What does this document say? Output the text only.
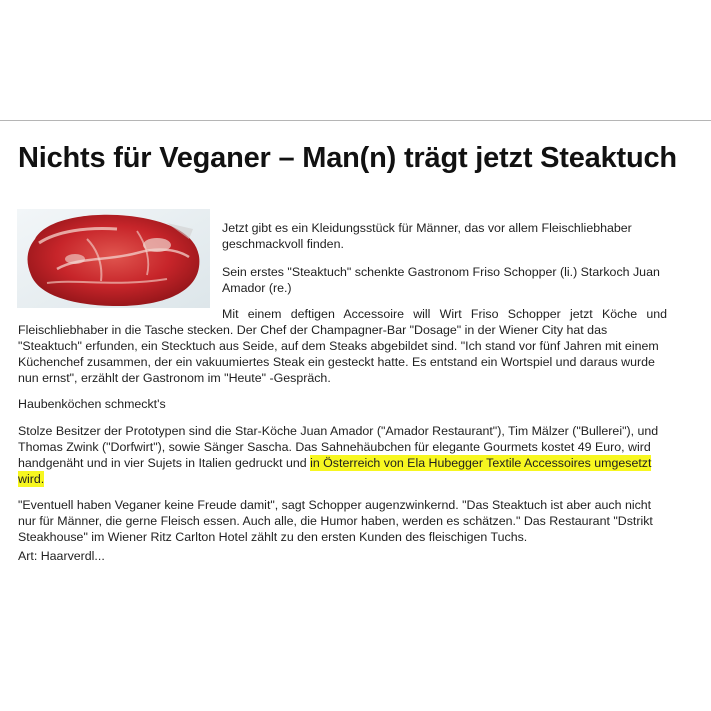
Nichts für Veganer – Man(n) trägt jetzt Steaktuch

Jetzt gibt es ein Kleidungsstück für Männer, das vor allem Fleischliebhaber geschmackvoll finden.

Sein erstes "Steaktuch" schenkte Gastronom Friso Schopper (li.) Starkoch Juan Amador (re.)

Mit einem deftigen Accessoire will Wirt Friso Schopper jetzt Köche und

Fleischliebhaber in die Tasche stecken. Der Chef der Champagner-Bar "Dosage" in der Wiener City hat das "Steaktuch" erfunden, ein Stecktuch aus Seide, auf dem Steaks abgebildet sind. "Ich stand vor fünf Jahren mit einem Küchenchef zusammen, der ein vakuumiertes Steak ein gesteckt hatte. Es entstand ein Wortspiel und daraus wurde nun ernst", erzählt der Gastronom im "Heute" -Gespräch.

Haubenköchen schmeckt's

Stolze Besitzer der Prototypen sind die Star-Köche Juan Amador ("Amador Restaurant"), Tim Mälzer ("Bullerei"), und Thomas Zwink ("Dorfwirt"), sowie Sänger Sascha. Das Sahnehäubchen für elegante Gourmets kostet 49 Euro, wird handgenäht und in vier Sujets in Italien gedruckt und in Österreich von Ela Hubegger Textile Accessoires umgesetzt wird.

"Eventuell haben Veganer keine Freude damit", sagt Schopper augenzwinkernd. "Das Steaktuch ist aber auch nicht nur für Männer, die gerne Fleisch essen. Auch alle, die Humor haben, werden es schätzen." Das Restaurant "Dstrikt Steakhouse" im Wiener Ritz Carlton Hotel zählt zu den ersten Kunden des fleischigen Tuchs.

Art: Haarverdl...
